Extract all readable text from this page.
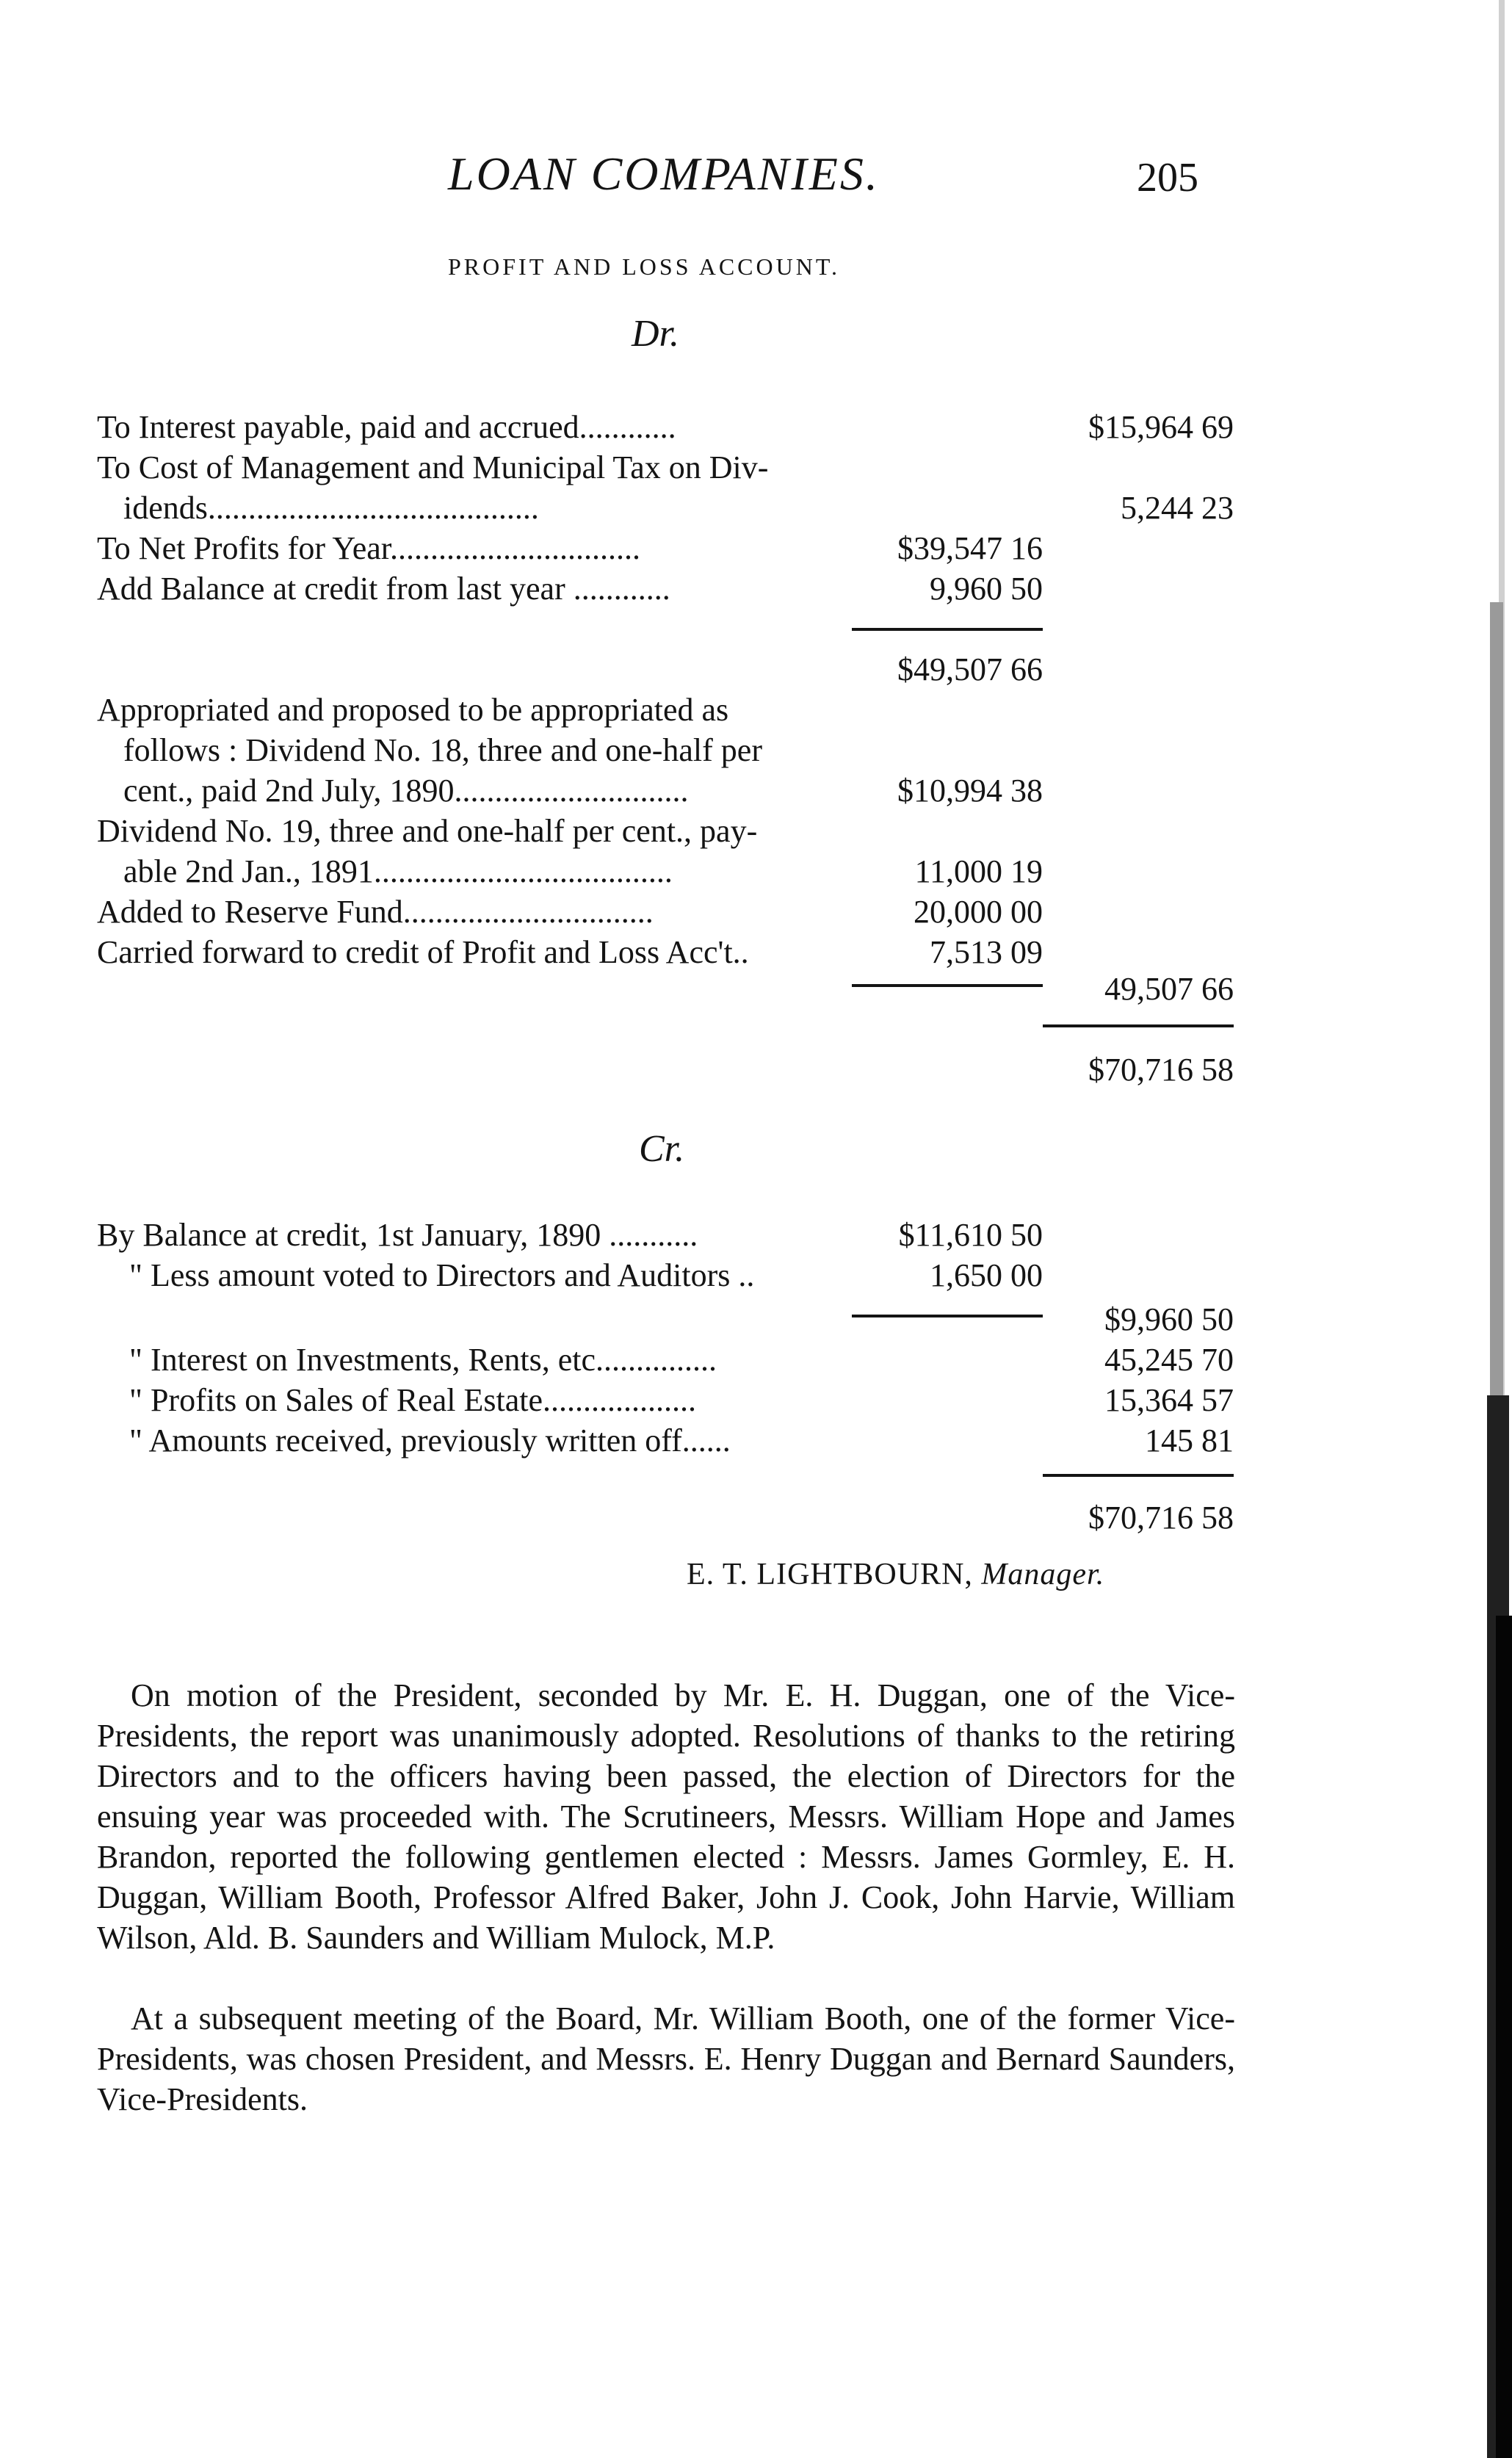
LOAN COMPANIES.	205
PROFIT AND LOSS ACCOUNT.
Dr.
To Interest payable, paid and accrued............	$15,964 69
To Cost of Management and Municipal Tax on Div-
idends.........................................	5,244 23
To Net Profits for Year...............................	$39,547 16
Add Balance at credit from last year ............	9,960 50
$49,507 66
Appropriated and proposed to be appropriated as
follows : Dividend No. 18, three and one-half per
cent., paid 2nd July, 1890.............................	$10,994 38
Dividend No. 19, three and one-half per cent., pay-
able 2nd Jan., 1891.....................................	11,000 19
Added to Reserve Fund...............................	20,000 00
Carried forward to credit of Profit and Loss Acc't..	7,513 09
49,507 66
$70,716 58
Cr.
By Balance at credit, 1st January, 1890 ...........	$11,610 50
" Less amount voted to Directors and Auditors ..	1,650 00
$9,960 50
" Interest on Investments, Rents, etc...............	45,245 70
" Profits on Sales of Real Estate...................	15,364 57
" Amounts received, previously written off......	145 81
$70,716 58
E. T. LIGHTBOURN, Manager.

On motion of the President, seconded by Mr. E. H. Duggan, one of the Vice-Presidents, the report was unanimously adopted. Resolutions of thanks to the retiring Directors and to the officers having been passed, the election of Directors for the ensuing year was proceeded with. The Scrutineers, Messrs. William Hope and James Brandon, reported the following gentlemen elected : Messrs. James Gormley, E. H. Duggan, William Booth, Professor Alfred Baker, John J. Cook, John Harvie, William Wilson, Ald. B. Saunders and William Mulock, M.P.

At a subsequent meeting of the Board, Mr. William Booth, one of the former Vice-Presidents, was chosen President, and Messrs. E. Henry Duggan and Bernard Saunders, Vice-Presidents.
